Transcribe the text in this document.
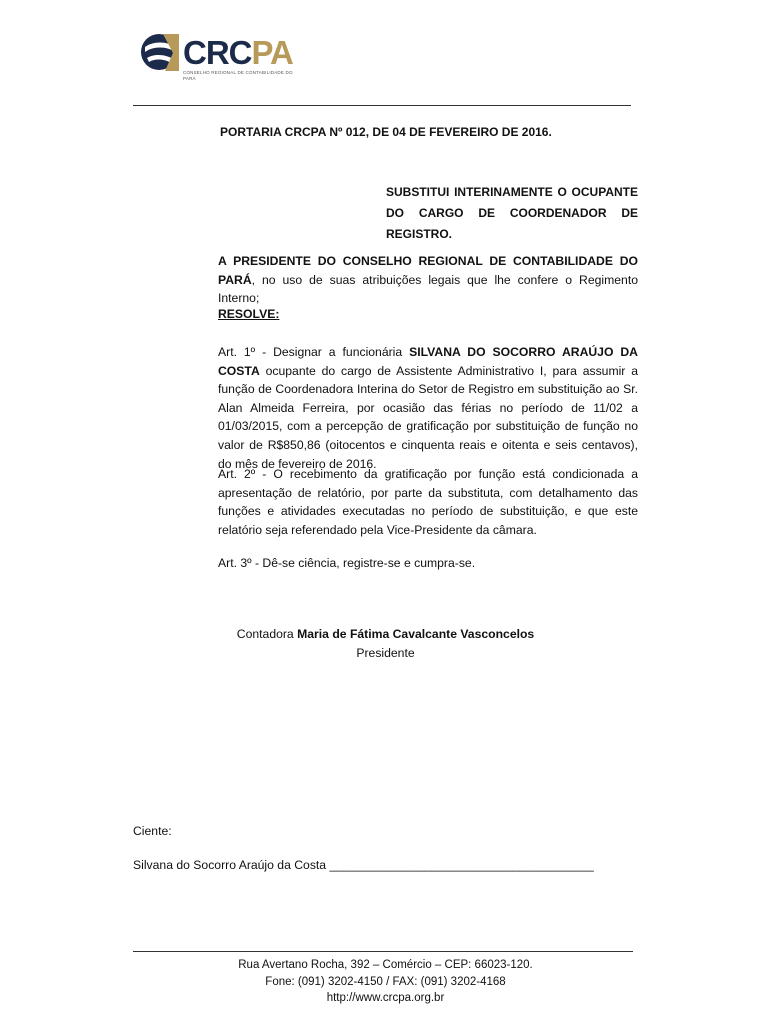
CRCPA
CONSELHO REGIONAL DE CONTABILIDADE DO PARÁ
PORTARIA CRCPA Nº 012, DE 04 DE FEVEREIRO DE 2016.
SUBSTITUI INTERINAMENTE O OCUPANTE DO CARGO DE COORDENADOR DE REGISTRO.
A PRESIDENTE DO CONSELHO REGIONAL DE CONTABILIDADE DO PARÁ, no uso de suas atribuições legais que lhe confere o Regimento Interno;
RESOLVE:
Art. 1º - Designar a funcionária SILVANA DO SOCORRO ARAÚJO DA COSTA ocupante do cargo de Assistente Administrativo I, para assumir a função de Coordenadora Interina do Setor de Registro em substituição ao Sr. Alan Almeida Ferreira, por ocasião das férias no período de 11/02 a 01/03/2015, com a percepção de gratificação por substituição de função no valor de R$850,86 (oitocentos e cinquenta reais e oitenta e seis centavos), do mês de fevereiro de 2016.
Art. 2º - O recebimento da gratificação por função está condicionada a apresentação de relatório, por parte da substituta, com detalhamento das funções e atividades executadas no período de substituição, e que este relatório seja referendado pela Vice-Presidente da câmara.
Art. 3º - Dê-se ciência, registre-se e cumpra-se.
Contadora Maria de Fátima Cavalcante Vasconcelos
Presidente
Ciente:
Silvana do Socorro Araújo da Costa _______________________________________
Rua Avertano Rocha, 392 – Comércio – CEP: 66023-120.
Fone: (091) 3202-4150 / FAX: (091) 3202-4168
http://www.crcpa.org.br
